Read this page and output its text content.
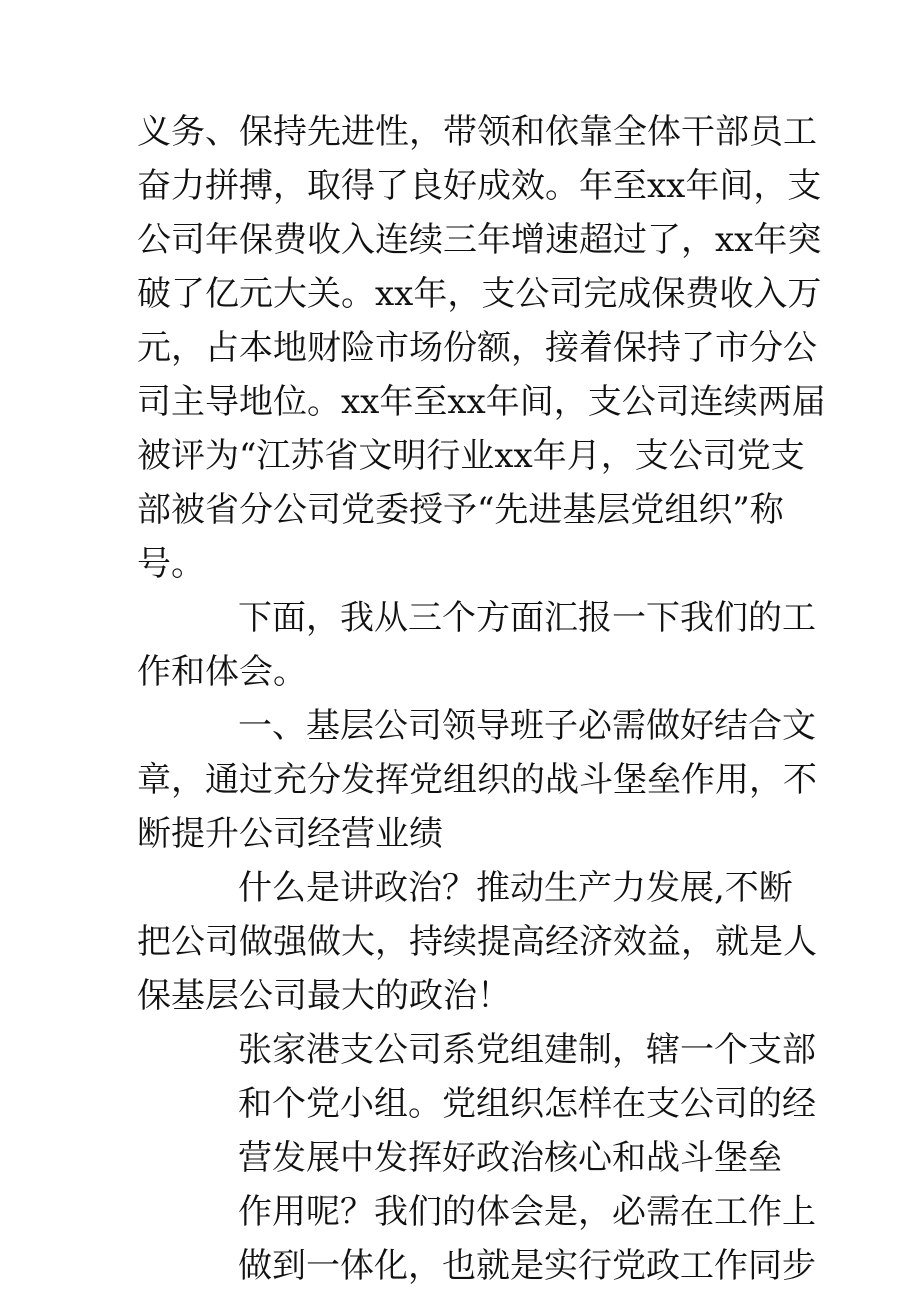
义务、保持先进性，带领和依靠全体干部员工
奋力拼搏，取得了良好成效。年至xx年间，支
公司年保费收入连续三年增速超过了，xx年突
破了亿元大关。xx年，支公司完成保费收入万
元，占本地财险市场份额，接着保持了市分公
司主导地位。xx年至xx年间，支公司连续两届
被评为“江苏省文明行业xx年月，支公司党支
部被省分公司党委授予“先进基层党组织”称
号。
下面，我从三个方面汇报一下我们的工
作和体会。
一、基层公司领导班子必需做好结合文
章，通过充分发挥党组织的战斗堡垒作用，不
断提升公司经营业绩
什么是讲政治？推动生产力发展,不断
把公司做强做大，持续提高经济效益，就是人
保基层公司最大的政治！
张家港支公司系党组建制，辖一个支部
和个党小组。党组织怎样在支公司的经
营发展中发挥好政治核心和战斗堡垒
作用呢？我们的体会是，必需在工作上
做到一体化，也就是实行党政工作同步
